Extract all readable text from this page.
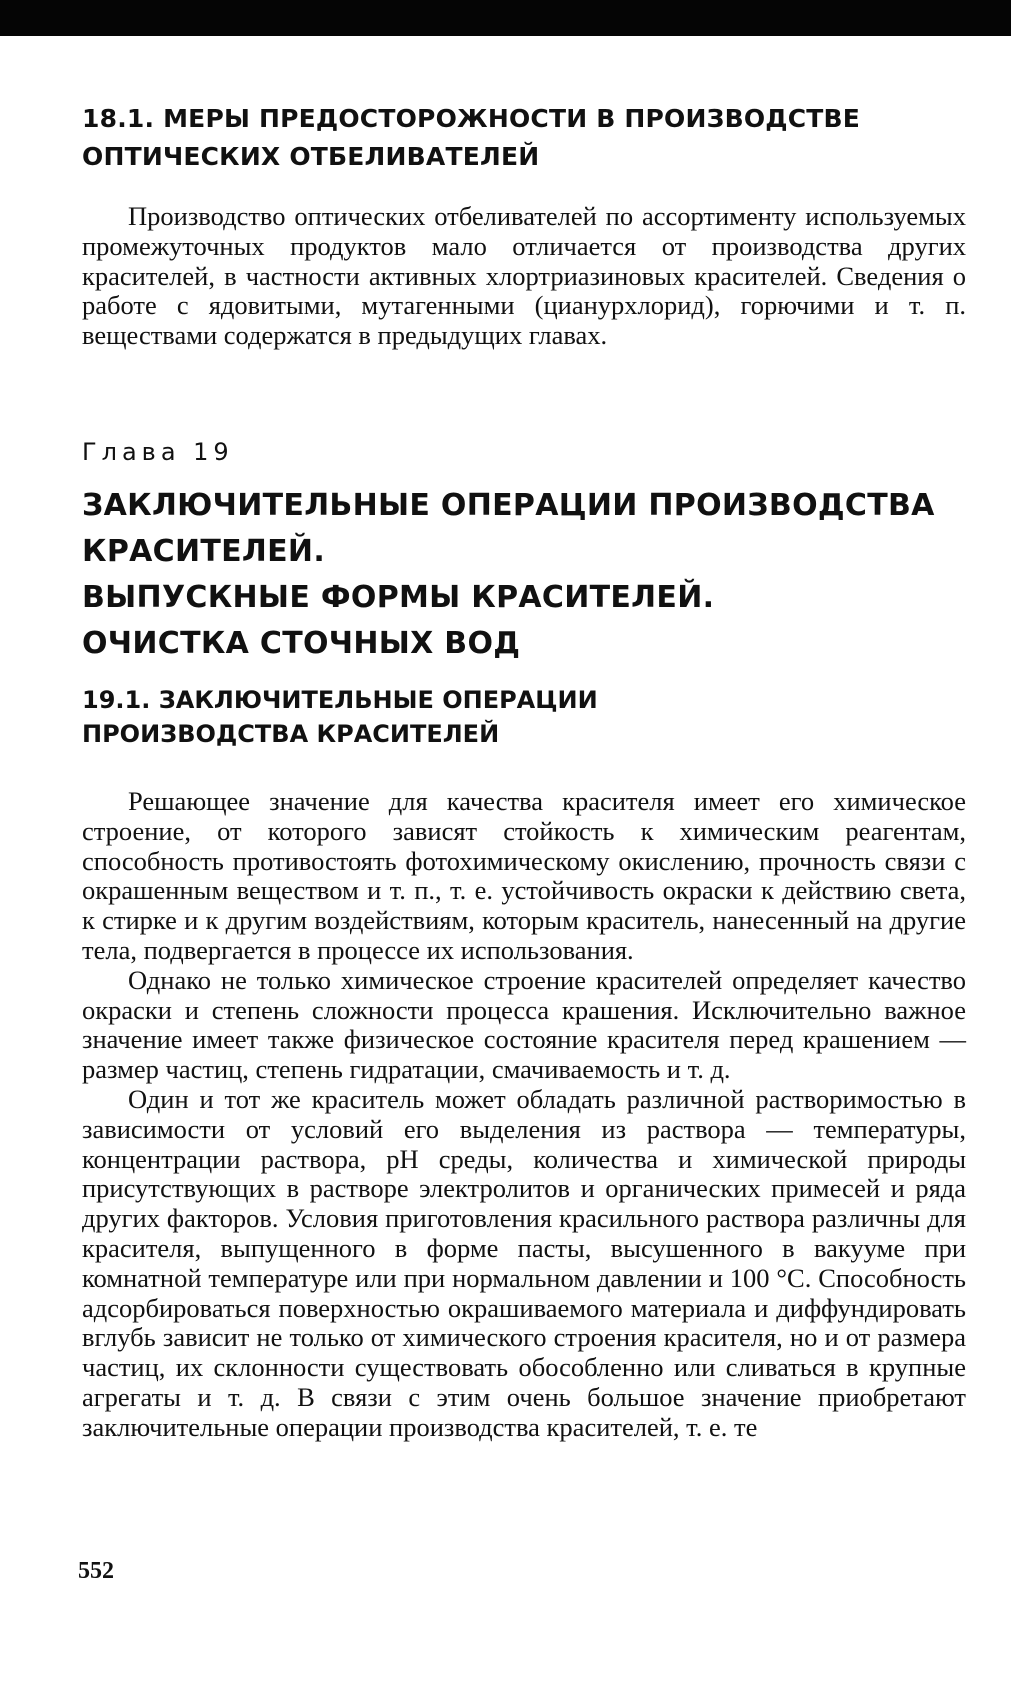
18.1. МЕРЫ ПРЕДОСТОРОЖНОСТИ В ПРОИЗВОДСТВЕ
ОПТИЧЕСКИХ ОТБЕЛИВАТЕЛЕЙ

Производство оптических отбеливателей по ассортименту используемых промежуточных продуктов мало отличается от производства других красителей, в частности активных хлортриазиновых красителей. Сведения о работе с ядовитыми, мутагенными (цианурхлорид), горючими и т. п. веществами содержатся в предыдущих главах.

Глава 19
ЗАКЛЮЧИТЕЛЬНЫЕ ОПЕРАЦИИ ПРОИЗВОДСТВА
КРАСИТЕЛЕЙ.
ВЫПУСКНЫЕ ФОРМЫ КРАСИТЕЛЕЙ.
ОЧИСТКА СТОЧНЫХ ВОД
19.1. ЗАКЛЮЧИТЕЛЬНЫЕ ОПЕРАЦИИ
ПРОИЗВОДСТВА КРАСИТЕЛЕЙ

Решающее значение для качества красителя имеет его химическое строение, от которого зависят стойкость к химическим реагентам, способность противостоять фотохимическому окислению, прочность связи с окрашенным веществом и т. п., т. е. устойчивость окраски к действию света, к стирке и к другим воздействиям, которым краситель, нанесенный на другие тела, подвергается в процессе их использования.

Однако не только химическое строение красителей определяет качество окраски и степень сложности процесса крашения. Исключительно важное значение имеет также физическое состояние красителя перед крашением — размер частиц, степень гидратации, смачиваемость и т. д.

Один и тот же краситель может обладать различной растворимостью в зависимости от условий его выделения из раствора — температуры, концентрации раствора, pH среды, количества и химической природы присутствующих в растворе электролитов и органических примесей и ряда других факторов. Условия приготовления красильного раствора различны для красителя, выпущенного в форме пасты, высушенного в вакууме при комнатной температуре или при нормальном давлении и 100 °С. Способность адсорбироваться поверхностью окрашиваемого материала и диффундировать вглубь зависит не только от химического строения красителя, но и от размера частиц, их склонности существовать обособленно или сливаться в крупные агрегаты и т. д. В связи с этим очень большое значение приобретают заключительные операции производства красителей, т. е. те

552
